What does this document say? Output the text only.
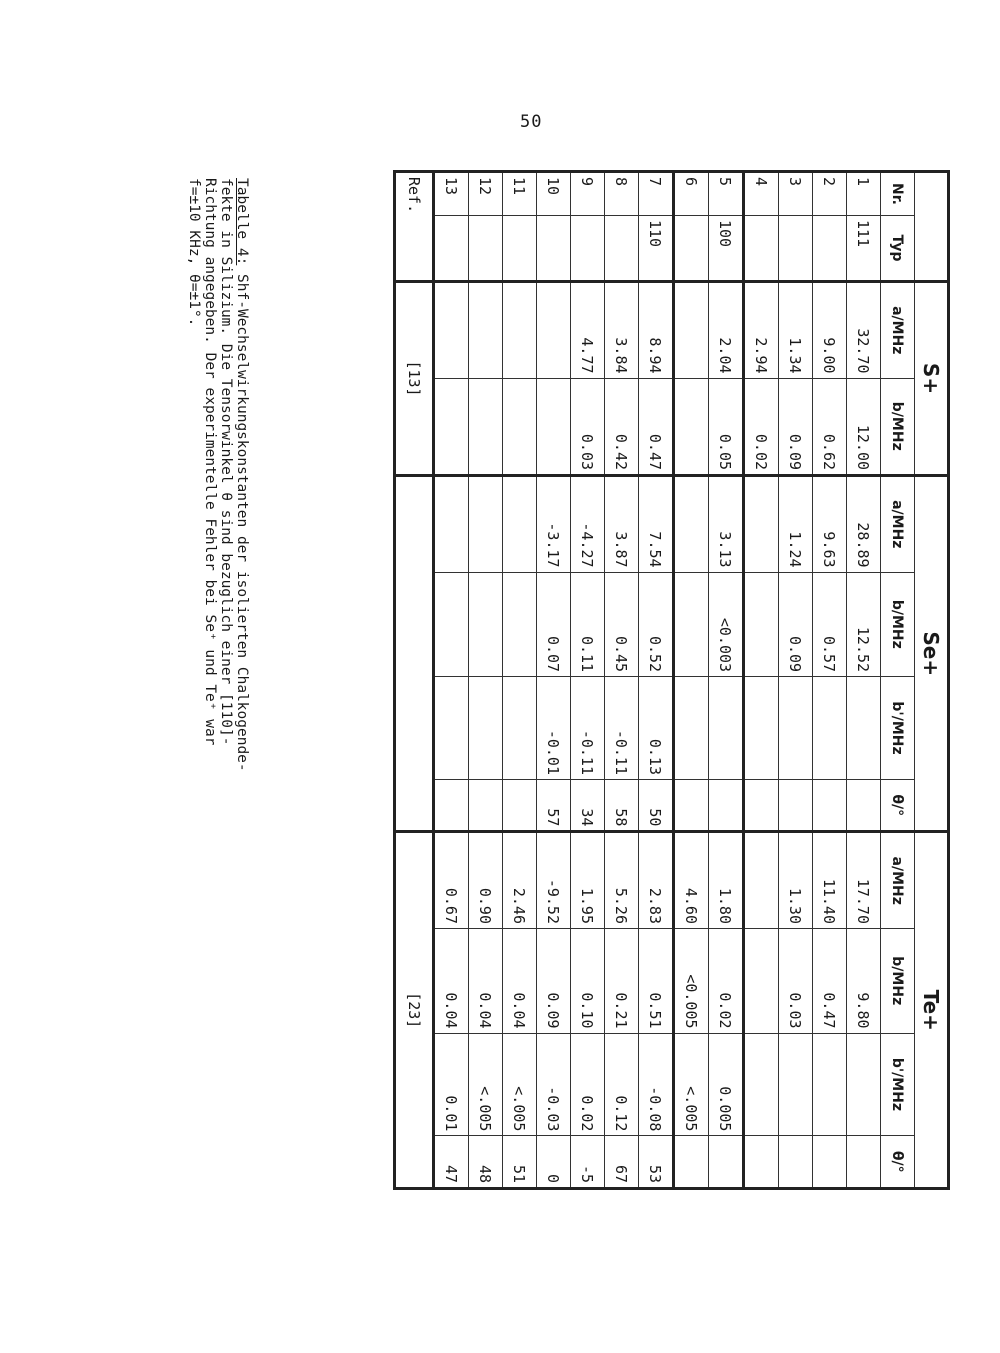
50
		S+		Se+				Te+			
Nr.	Typ	a/MHz	b/MHz	a/MHz	b/MHz	b'/MHz	θ/°	a/MHz	b/MHz	b'/MHz	θ/°
1	111	32.70	12.00	28.89	12.52			17.70	9.80		
2		9.00	0.62	9.63	0.57			11.40	0.47		
3		1.34	0.09	1.24	0.09			1.30	0.03		
4		2.94	0.02								
5	100	2.04	0.05	3.13	<0.003			1.80	0.02	0.005	
6								4.60	<0.005	<.005	
7	110	8.94	0.47	7.54	0.52	0.13	50	2.83	0.51	-0.08	53
8		3.84	0.42	3.87	0.45	-0.11	58	5.26	0.21	0.12	67
9		4.77	0.03	-4.27	0.11	-0.11	34	1.95	0.10	0.02	-5
10				-3.17	0.07	-0.01	57	-9.52	0.09	-0.03	0
11								2.46	0.04	<.005	51
12								0.90	0.04	<.005	48
13								0.67	0.04	0.01	47
Ref.		[13]						[23]			

Tabelle 4: Shf-Wechselwirkungskonstanten der isolierten Chalkogende-

fekte in Silizium. Die Tensorwinkel θ sind bezuglich einer [110]-

Richtung angegeben. Der experimentelle Fehler bei Se⁺ und Te⁺ war

f=±10 KHz, θ=±1°.
